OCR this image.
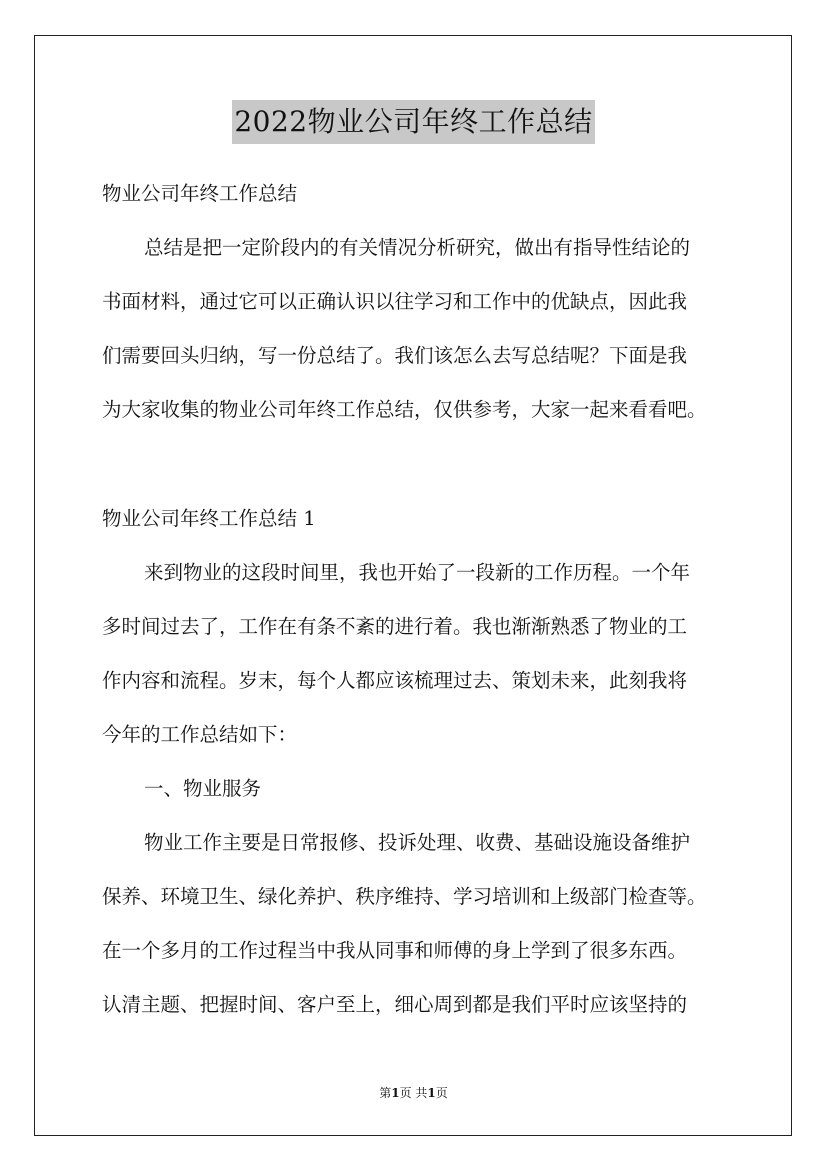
2022物业公司年终工作总结
物业公司年终工作总结
总结是把一定阶段内的有关情况分析研究，做出有指导性结论的
书面材料，通过它可以正确认识以往学习和工作中的优缺点，因此我
们需要回头归纳，写一份总结了。我们该怎么去写总结呢？下面是我
为大家收集的物业公司年终工作总结，仅供参考，大家一起来看看吧。
物业公司年终工作总结 1
来到物业的这段时间里，我也开始了一段新的工作历程。一个年
多时间过去了，工作在有条不紊的进行着。我也渐渐熟悉了物业的工
作内容和流程。岁末，每个人都应该梳理过去、策划未来，此刻我将
今年的工作总结如下：
一、物业服务
物业工作主要是日常报修、投诉处理、收费、基础设施设备维护
保养、环境卫生、绿化养护、秩序维持、学习培训和上级部门检查等。
在一个多月的工作过程当中我从同事和师傅的身上学到了很多东西。
认清主题、把握时间、客户至上，细心周到都是我们平时应该坚持的
第1页 共1页
